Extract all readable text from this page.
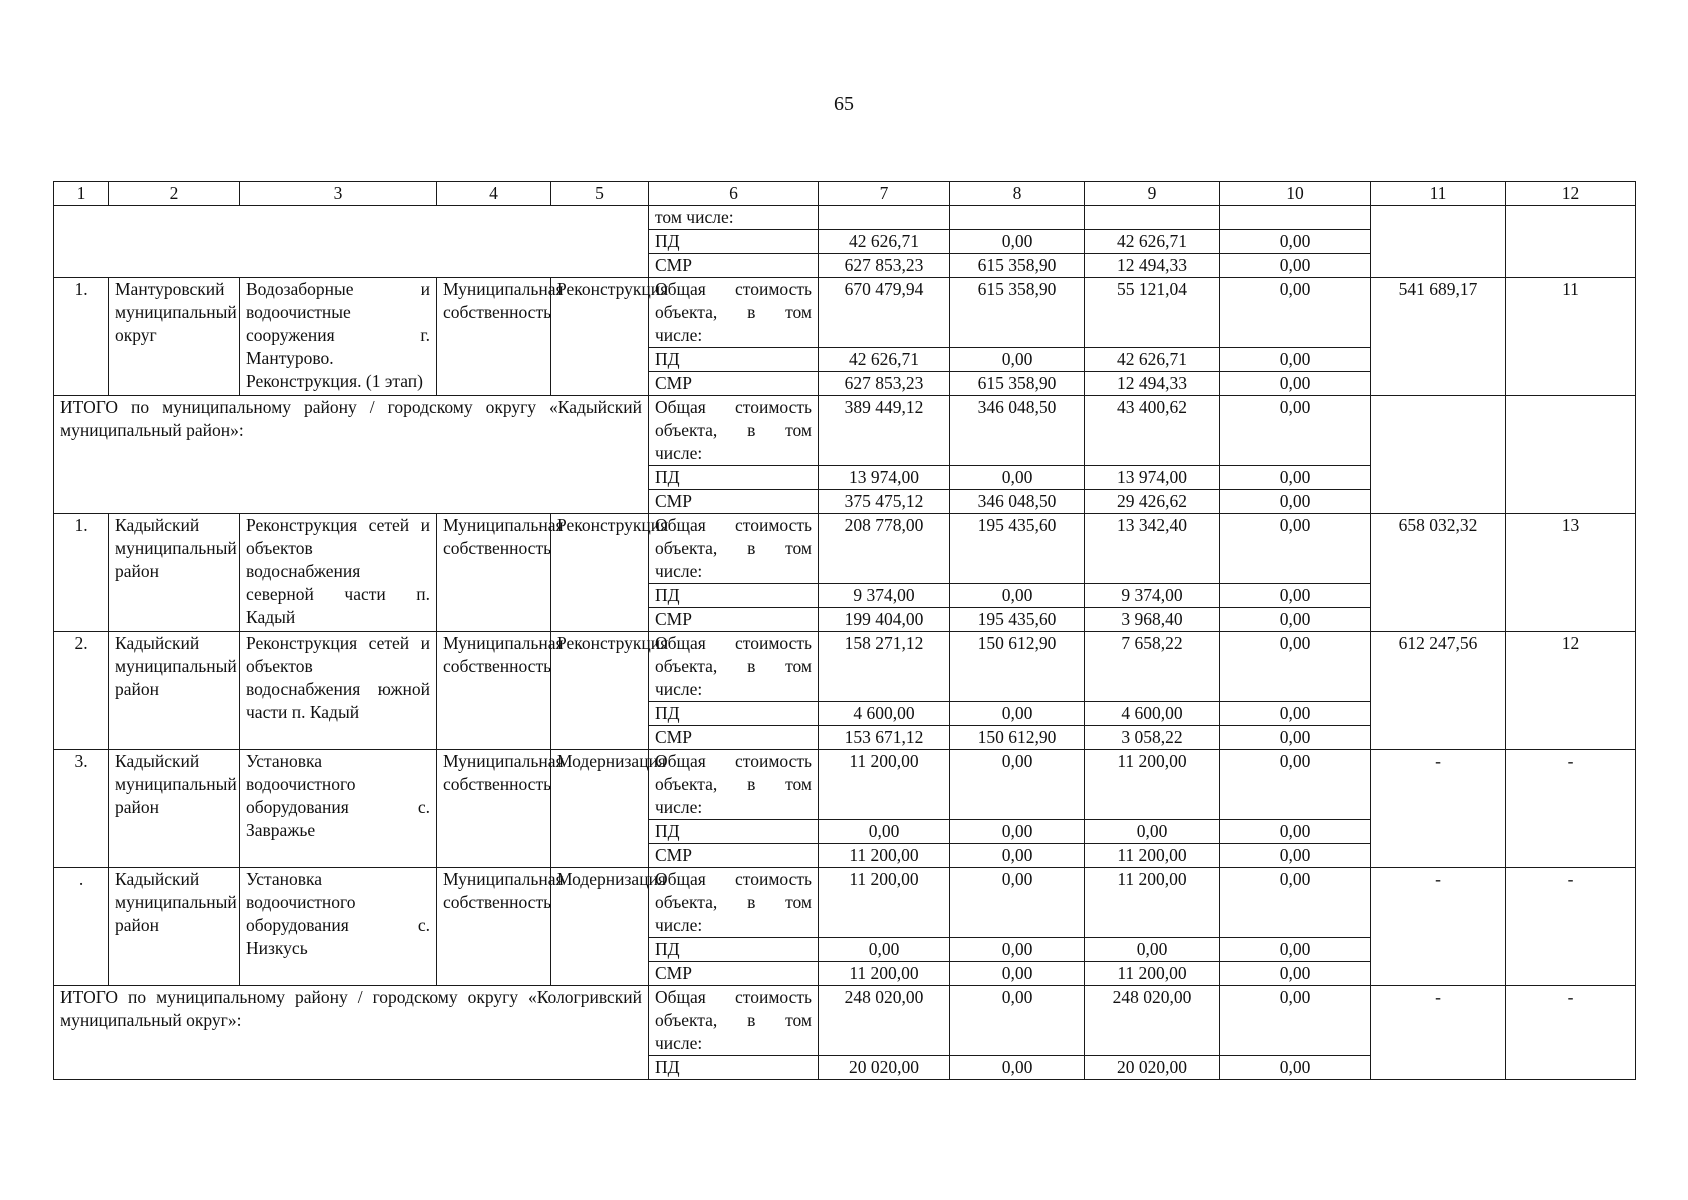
65
1	2	3	4	5	6	7	8	9	10	11	12
					том числе:						
					ПД	42 626,71	0,00	42 626,71	0,00		
					СМР	627 853,23	615 358,90	12 494,33	0,00		
1.	Мантуровский муниципальный округ	Водозаборные и водоочистные сооружения г. Мантурово. Реконструкция. (1 этап)	Муниципальная собственность	Реконструкция	Общая стоимость объекта, в том числе:	670 479,94	615 358,90	55 121,04	0,00	541 689,17	11
					ПД	42 626,71	0,00	42 626,71	0,00		
					СМР	627 853,23	615 358,90	12 494,33	0,00		
ИТОГО по муниципальному району / городскому округу «Кадыйский муниципальный район»:					Общая стоимость объекта, в том числе:	389 449,12	346 048,50	43 400,62	0,00		
					ПД	13 974,00	0,00	13 974,00	0,00		
					СМР	375 475,12	346 048,50	29 426,62	0,00		
1.	Кадыйский муниципальный район	Реконструкция сетей и объектов водоснабжения северной части п. Кадый	Муниципальная собственность	Реконструкция	Общая стоимость объекта, в том числе:	208 778,00	195 435,60	13 342,40	0,00	658 032,32	13
					ПД	9 374,00	0,00	9 374,00	0,00		
					СМР	199 404,00	195 435,60	3 968,40	0,00		
2.	Кадыйский муниципальный район	Реконструкция сетей и объектов водоснабжения южной части п. Кадый	Муниципальная собственность	Реконструкция	Общая стоимость объекта, в том числе:	158 271,12	150 612,90	7 658,22	0,00	612 247,56	12
					ПД	4 600,00	0,00	4 600,00	0,00		
					СМР	153 671,12	150 612,90	3 058,22	0,00		
3.	Кадыйский муниципальный район	Установка водоочистного оборудования с. Завражье	Муниципальная собственность	Модернизация	Общая стоимость объекта, в том числе:	11 200,00	0,00	11 200,00	0,00	-	-
					ПД	0,00	0,00	0,00	0,00		
					СМР	11 200,00	0,00	11 200,00	0,00		
.	Кадыйский муниципальный район	Установка водоочистного оборудования с. Низкусь	Муниципальная собственность	Модернизация	Общая стоимость объекта, в том числе:	11 200,00	0,00	11 200,00	0,00	-	-
					ПД	0,00	0,00	0,00	0,00		
					СМР	11 200,00	0,00	11 200,00	0,00		
ИТОГО по муниципальному району / городскому округу «Кологривский муниципальный округ»:					Общая стоимость объекта, в том числе:	248 020,00	0,00	248 020,00	0,00	-	-
					ПД	20 020,00	0,00	20 020,00	0,00		
